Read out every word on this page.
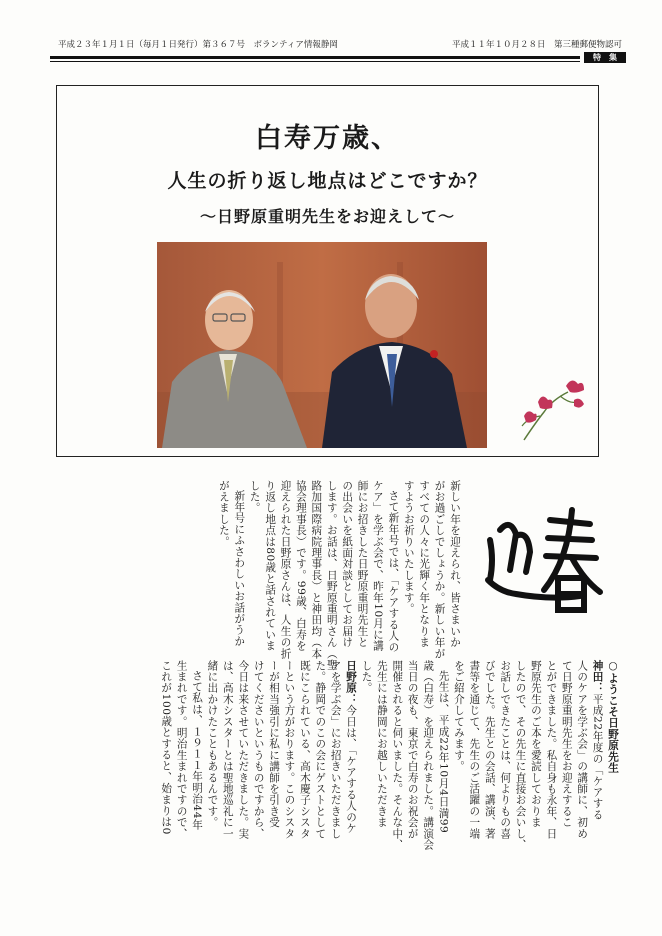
平成２３年１月１日（毎月１日発行）第３６７号　ボランティア情報静岡	平成１１年１０月２８日　第三種郵便物認可
特　集
白寿万歳、
人生の折り返し地点はどこですか？
～日野原重明先生をお迎えして～
新しい年を迎えられ、皆さまいか
がお過ごしでしょうか。新しい年が
すべての人々に光輝く年となりま
すようお祈りいたします。
さて新年号では、「ケアする人の
ケア」を学ぶ会で、昨年10月に講
師にお招きした日野原重明先生と
の出会いを紙面対談としてお届け
します。お話は、日野原重明さん（聖
路加国際病院理事長）と神田均（本
協会理事長）です。99歳、白寿を
迎えられた日野原さんは、人生の折
り返し地点は80歳と話されていま
した。
新年号にふさわしいお話がうか
がえました。
○ようこそ日野原先生
神田：平成22年度の「ケアする
人のケアを学ぶ会」の講師に、初め
て日野原重明先生をお迎えするこ
とができました。私自身も永年、日
野原先生のご本を愛読しておりま
したので、その先生に直接お会いし、
お話しできたことは、何よりもの喜
びでした。先生との会話、講演、著
書等を通じて、先生のご活躍の一端
をご紹介してみます。
先生は、平成22年10月4日満99
歳（白寿）を迎えられました。講演会
当日の夜も、東京で白寿のお祝会が
開催されると伺いました。そんな中、
先生には静岡にお越しいただきま
した。
日野原：今日は、「ケアする人のケ
アを学ぶ会」にお招きいただきまし
た。静岡でのこの会にゲストとして
既にこられている、高木慶子シスタ
ーという方がおります。このシスタ
ーが相当強引に私に講師を引き受
けてくださいというものですから、
今日は来させていただきました。実
は、高木シスターとは聖地巡礼に一
緒に出かけたこともあるんです。
さて私は、１９１１年明治44年
生まれです。明治生まれですので、
これが100歳とすると、始まりは0
